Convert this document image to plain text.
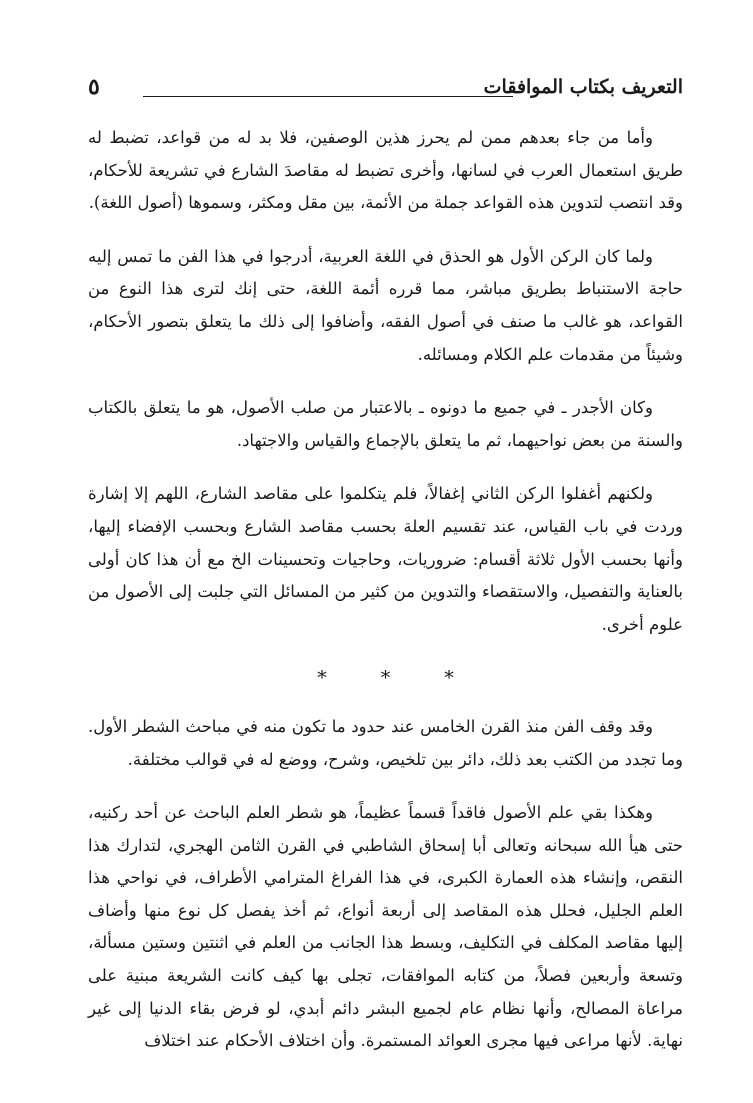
التعريف بكتاب الموافقات
٥

وأما من جاء بعدهم ممن لم يحرز هذين الوصفين، فلا بد له من قواعد، تضبط له طريق استعمال العرب في لسانها، وأخرى تضبط له مقاصدَ الشارع في تشريعة للأحكام، وقد انتصب لتدوين هذه القواعد جملة من الأئمة، بين مقل ومكثر، وسموها (أصول اللغة).

ولما كان الركن الأول هو الحذق في اللغة العربية، أدرجوا في هذا الفن ما تمس إليه حاجة الاستنباط بطريق مباشر، مما قرره أئمة اللغة، حتى إنك لترى هذا النوع من القواعد، هو غالب ما صنف في أصول الفقه، وأضافوا إلى ذلك ما يتعلق بتصور الأحكام، وشيئاً من مقدمات علم الكلام ومسائله.

وكان الأجدر ـ في جميع ما دونوه ـ بالاعتبار من صلب الأصول، هو ما يتعلق بالكتاب والسنة من بعض نواحيهما، ثم ما يتعلق بالإجماع والقياس والاجتهاد.

ولكنهم أغفلوا الركن الثاني إغفالاً، فلم يتكلموا على مقاصد الشارع، اللهم إلا إشارة وردت في باب القياس، عند تقسيم العلة بحسب مقاصد الشارع وبحسب الإفضاء إليها، وأنها بحسب الأول ثلاثة أقسام: ضروريات، وحاجيات وتحسينات الخ مع أن هذا كان أولى بالعناية والتفصيل، والاستقصاء والتدوين من كثير من المسائل التي جلبت إلى الأصول من علوم أخرى.

* * *

وقد وقف الفن منذ القرن الخامس عند حدود ما تكون منه في مباحث الشطر الأول. وما تجدد من الكتب بعد ذلك، دائر بين تلخيص، وشرح، ووضع له في قوالب مختلفة.

وهكذا بقي علم الأصول فاقداً قسماً عظيماً، هو شطر العلم الباحث عن أحد ركنيه، حتى هيأ الله سبحانه وتعالى أبا إسحاق الشاطبي في القرن الثامن الهجري، لتدارك هذا النقص، وإنشاء هذه العمارة الكبرى، في هذا الفراغ المترامي الأطراف، في نواحي هذا العلم الجليل، فحلل هذه المقاصد إلى أربعة أنواع، ثم أخذ يفصل كل نوع منها وأضاف إليها مقاصد المكلف في التكليف، وبسط هذا الجانب من العلم في اثنتين وستين مسألة، وتسعة وأربعين فصلاً، من كتابه الموافقات، تجلى بها كيف كانت الشريعة مبنية على مراعاة المصالح، وأنها نظام عام لجميع البشر دائم أبدي، لو فرض بقاء الدنيا إلى غير نهاية. لأنها مراعى فيها مجرى العوائد المستمرة. وأن اختلاف الأحكام عند اختلاف
